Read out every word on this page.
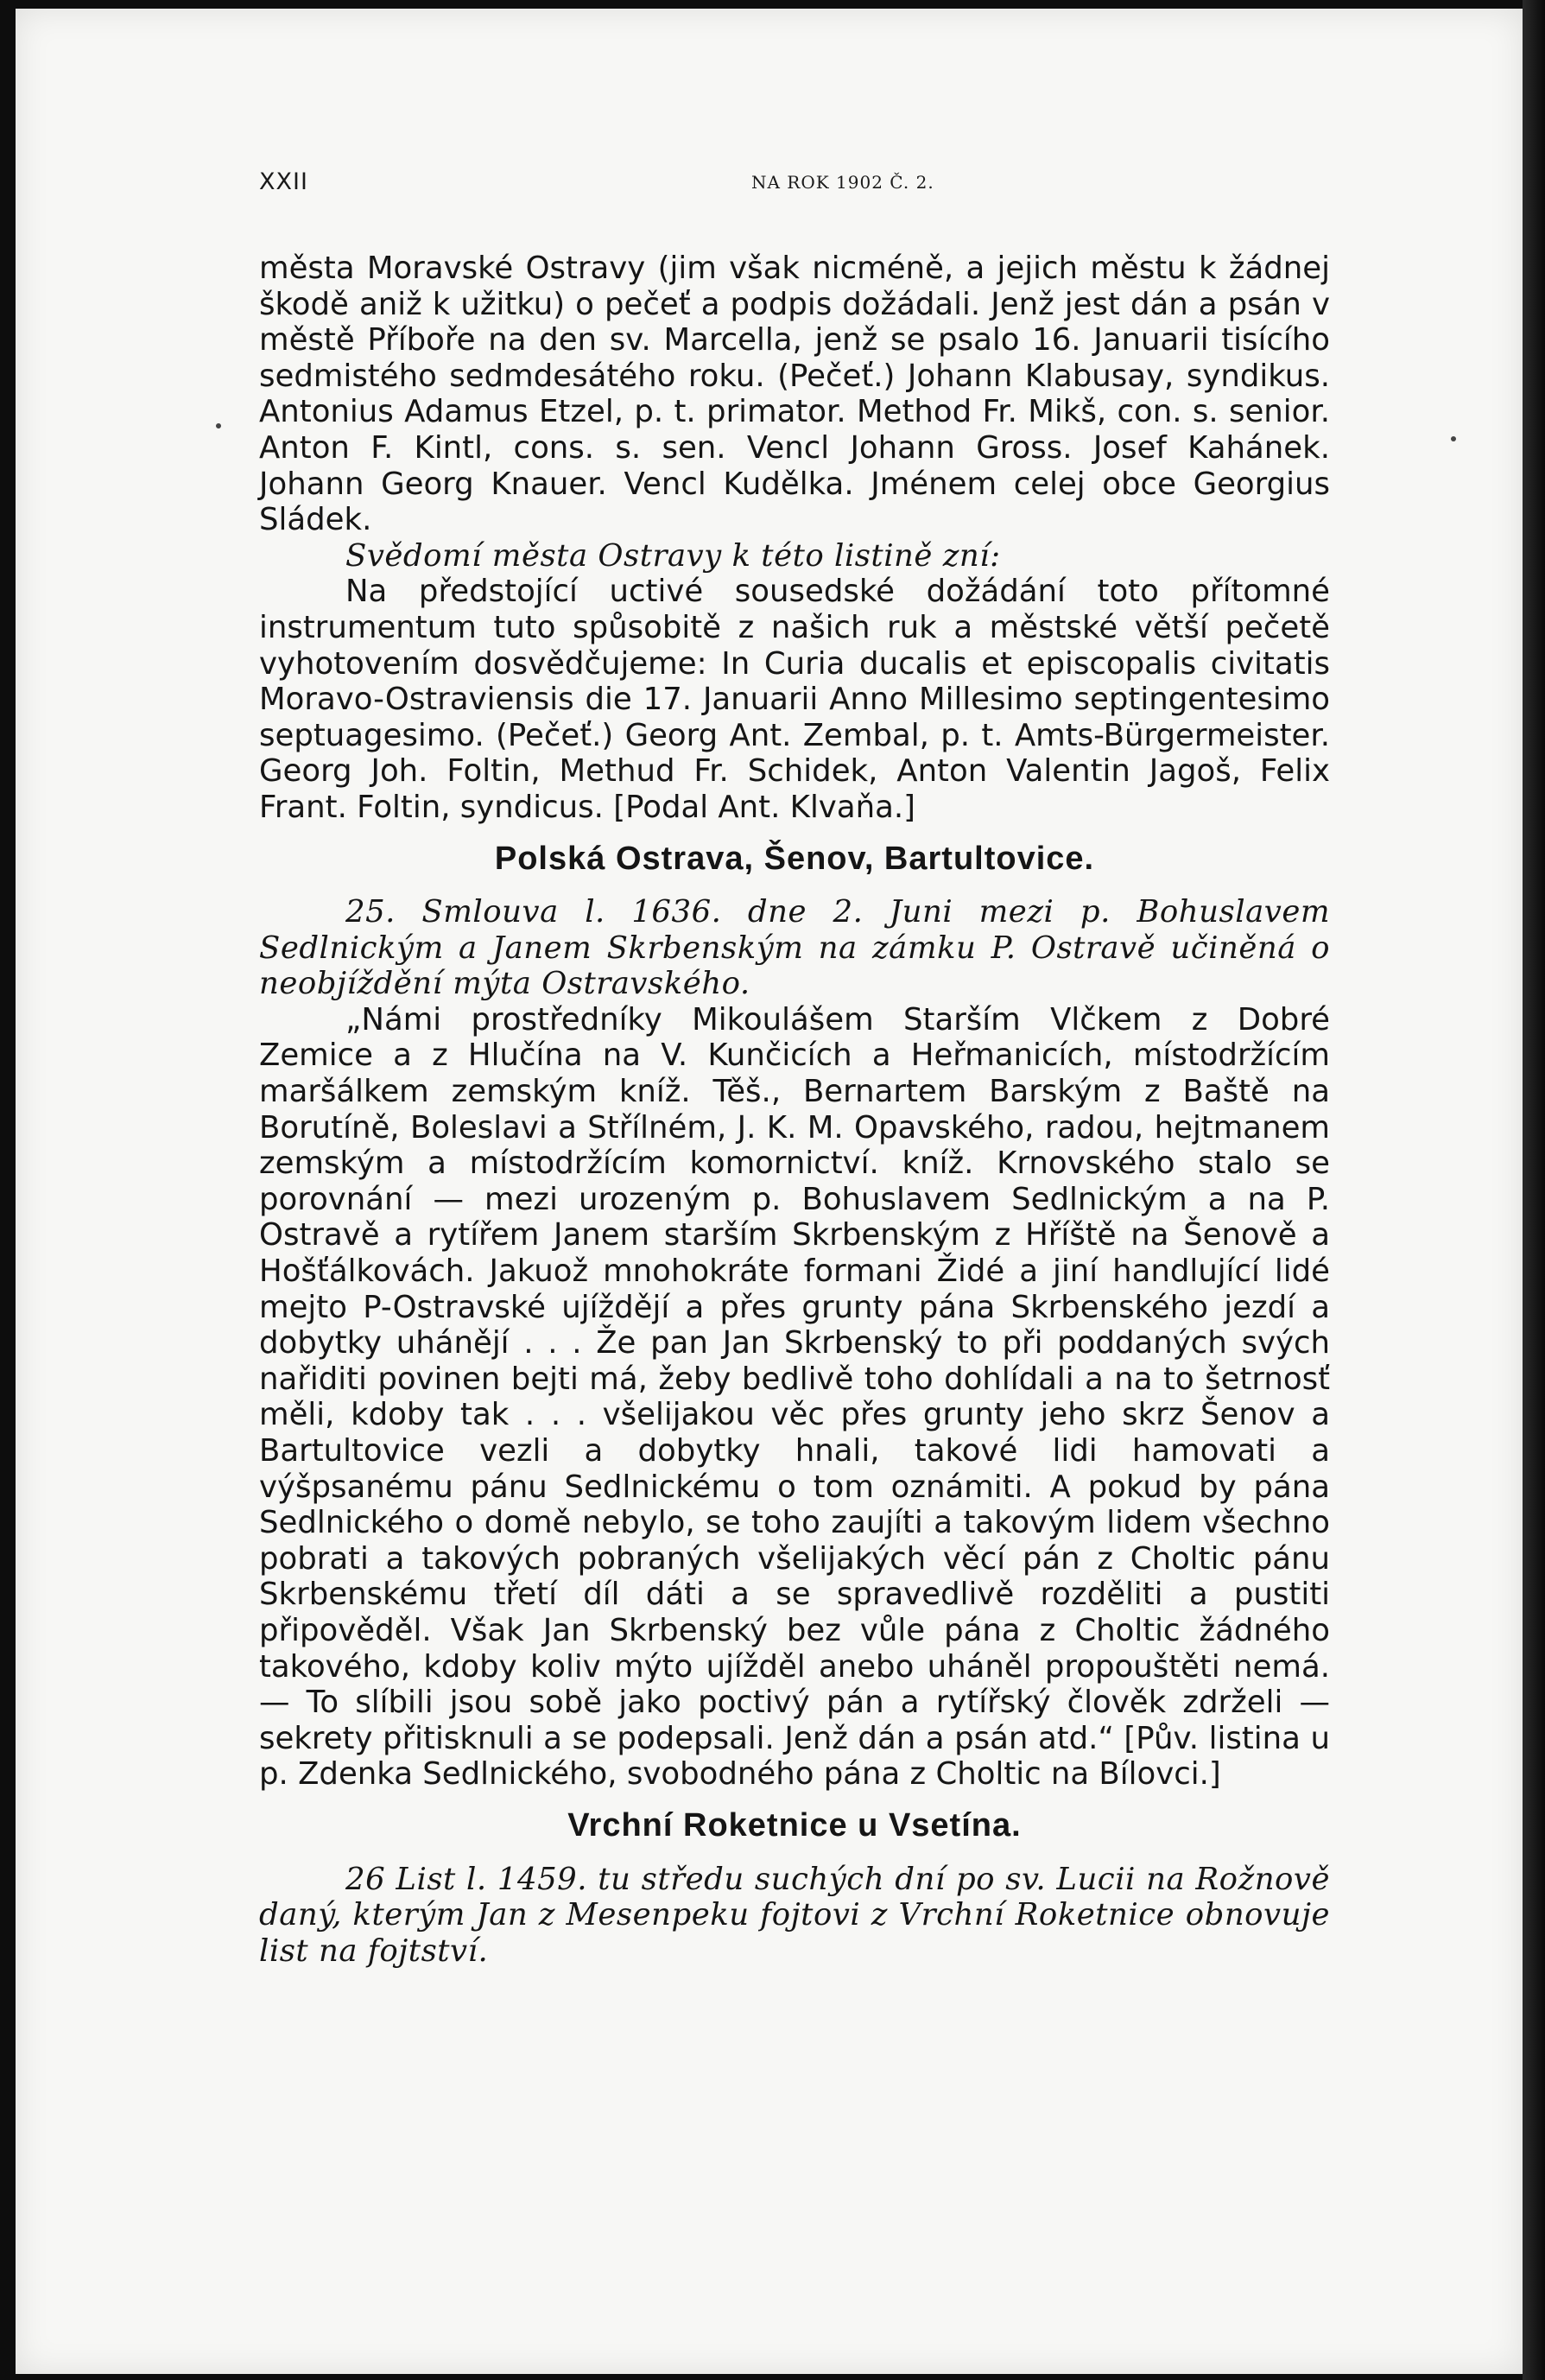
XXII	NA ROK 1902 Č. 2.

města Moravské Ostravy (jim však nicméně, a jejich městu k žádnej škodě aniž k užitku) o pečeť a podpis dožádali. Jenž jest dán a psán v městě Příboře na den sv. Marcella, jenž se psalo 16. Januarii tisícího sedmistého sedmdesátého roku. (Pečeť.) Johann Klabusay, syndikus. Antonius Adamus Etzel, p. t. primator. Method Fr. Mikš, con. s. senior. Anton F. Kintl, cons. s. sen. Vencl Johann Gross. Josef Kahánek. Johann Georg Knauer. Vencl Kudělka. Jménem celej obce Georgius Sládek.

Svědomí města Ostravy k této listině zní:

Na předstojící uctivé sousedské dožádání toto přítomné instrumentum tuto spůsobitě z našich ruk a městské větší pečetě vyhotovením dosvědčujeme: In Curia ducalis et episcopalis civitatis Moravo-Ostraviensis die 17. Januarii Anno Millesimo septingentesimo septuagesimo. (Pečeť.) Georg Ant. Zembal, p. t. Amts-Bürgermeister. Georg Joh. Foltin, Methud Fr. Schidek, Anton Valentin Jagoš, Felix Frant. Foltin, syndicus. [Podal Ant. Klvaňa.]

Polská Ostrava, Šenov, Bartultovice.

25. Smlouva l. 1636. dne 2. Juni mezi p. Bohuslavem Sedlnickým a Janem Skrbenským na zámku P. Ostravě učiněná o neobjíždění mýta Ostravského.

„Námi prostředníky Mikoulášem Starším Vlčkem z Dobré Zemice a z Hlučína na V. Kunčicích a Heřmanicích, místodržícím maršálkem zemským kníž. Těš., Bernartem Barským z Baště na Borutíně, Boleslavi a Střílném, J. K. M. Opavského, radou, hejtmanem zemským a místodržícím komornictví. kníž. Krnovského stalo se porovnání — mezi urozeným p. Bohuslavem Sedlnickým a na P. Ostravě a rytířem Janem starším Skrbenským z Hříště na Šenově a Hošťálkovách. Jakuož mnohokráte formani Židé a jiní handlující lidé mejto P-Ostravské ujíždějí a přes grunty pána Skrbenského jezdí a dobytky uhánějí . . . Že pan Jan Skrbenský to při poddaných svých nařiditi povinen bejti má, žeby bedlivě toho dohlídali a na to šetrnosť měli, kdoby tak . . . všelijakou věc přes grunty jeho skrz Šenov a Bartultovice vezli a dobytky hnali, takové lidi hamovati a výšpsanému pánu Sedlnickému o tom oznámiti. A pokud by pána Sedlnického o domě nebylo, se toho zaujíti a takovým lidem všechno pobrati a takových pobraných všelijakých věcí pán z Choltic pánu Skrbenskému třetí díl dáti a se spravedlivě rozděliti a pustiti připověděl. Však Jan Skrbenský bez vůle pána z Choltic žádného takového, kdoby koliv mýto ujížděl anebo uháněl propouštěti nemá. — To slíbili jsou sobě jako poctivý pán a rytířský člověk zdrželi — sekrety přitisknuli a se podepsali. Jenž dán a psán atd.“ [Pův. listina u p. Zdenka Sedlnického, svobodného pána z Choltic na Bílovci.]

Vrchní Roketnice u Vsetína.

26 List l. 1459. tu středu suchých dní po sv. Lucii na Rožnově daný, kterým Jan z Mesenpeku fojtovi z Vrchní Roketnice obnovuje list na fojtství.
